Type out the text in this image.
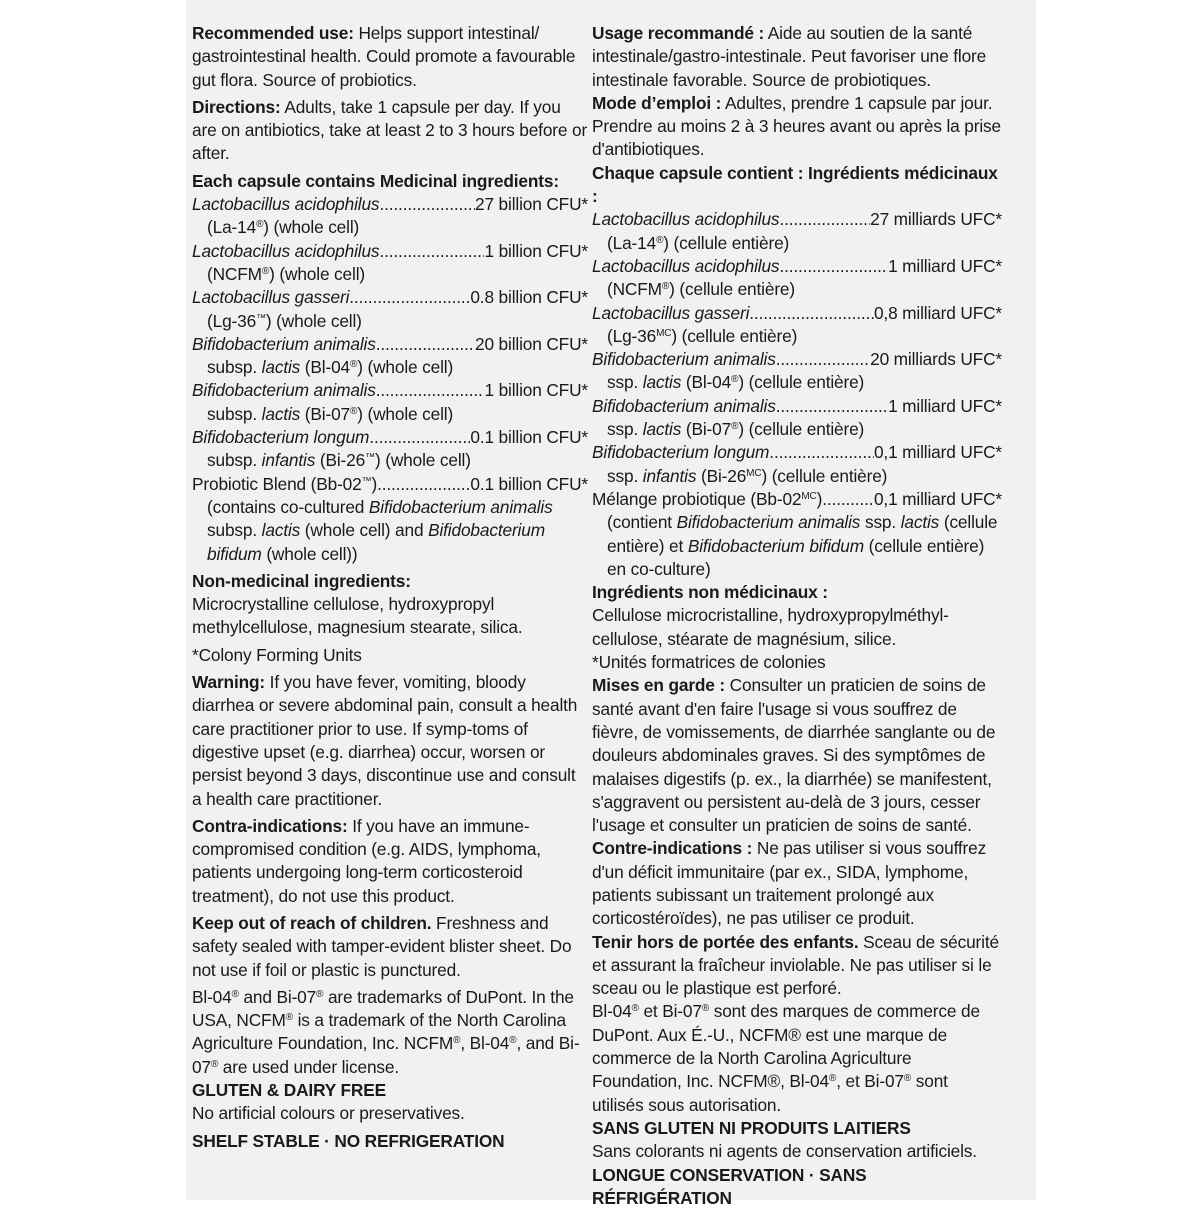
Recommended use: Helps support intestinal/ gastrointestinal health. Could promote a favourable gut flora. Source of probiotics.

Directions: Adults, take 1 capsule per day. If you are on antibiotics, take at least 2 to 3 hours before or after.

Each capsule contains Medicinal ingredients:

Lactobacillus acidophilus .....	27 billion CFU*
(La-14®) (whole cell)
Lactobacillus acidophilus .....	1 billion CFU*
(NCFM®) (whole cell)
Lactobacillus gasseri .....	0.8 billion CFU*
(Lg-36™) (whole cell)
Bifidobacterium animalis .....	20 billion CFU*
subsp. lactis (Bl-04®) (whole cell)
Bifidobacterium animalis .....	1 billion CFU*
subsp. lactis (Bi-07®) (whole cell)
Bifidobacterium longum .....	0.1 billion CFU*
subsp. infantis (Bi-26™) (whole cell)
Probiotic Blend (Bb-02™) .....	0.1 billion CFU*
(contains co-cultured Bifidobacterium animalis subsp. lactis (whole cell) and Bifidobacterium bifidum (whole cell))

Non-medicinal ingredients:

Microcrystalline cellulose, hydroxypropyl methylcellulose, magnesium stearate, silica.

*Colony Forming Units

Warning: If you have fever, vomiting, bloody diarrhea or severe abdominal pain, consult a health care practitioner prior to use. If symp-toms of digestive upset (e.g. diarrhea) occur, worsen or persist beyond 3 days, discontinue use and consult a health care practitioner.

Contra-indications: If you have an immune-compromised condition (e.g. AIDS, lymphoma, patients undergoing long-term corticosteroid treatment), do not use this product.

Keep out of reach of children. Freshness and safety sealed with tamper-evident blister sheet. Do not use if foil or plastic is punctured.

Bl-04® and Bi-07® are trademarks of DuPont. In the USA, NCFM® is a trademark of the North Carolina Agriculture Foundation, Inc. NCFM®, Bl-04®, and Bi-07® are used under license.

GLUTEN & DAIRY FREE

No artificial colours or preservatives.

SHELF STABLE · NO REFRIGERATION

Usage recommandé : Aide au soutien de la santé intestinale/gastro-intestinale. Peut favoriser une flore intestinale favorable. Source de probiotiques.

Mode d’emploi : Adultes, prendre 1 capsule par jour. Prendre au moins 2 à 3 heures avant ou après la prise d'antibiotiques.

Chaque capsule contient : Ingrédients médicinaux :

Lactobacillus acidophilus .....	27 milliards UFC*
(La-14®) (cellule entière)
Lactobacillus acidophilus .....	1 milliard UFC*
(NCFM®) (cellule entière)
Lactobacillus gasseri .....	0,8 milliard UFC*
$(Lg-36^{MC})$ (cellule entière)
Bifidobacterium animalis .....	20 milliards UFC*
ssp. lactis (Bl-04®) (cellule entière)
Bifidobacterium animalis .....	1 milliard UFC*
ssp. lactis (Bi-07®) (cellule entière)
Bifidobacterium longum .....	0,1 milliard UFC*
ssp. infantis $(Bi-26^{MC})$ (cellule entière)
Mélange probiotique $(Bb-02^{MC})$ .....	0,1 milliard UFC*
(contient Bifidobacterium animalis ssp. lactis (cellule entière) et Bifidobacterium bifidum (cellule entière) en co-culture)

Ingrédients non médicinaux :

Cellulose microcristalline, hydroxypropylméthyl-cellulose, stéarate de magnésium, silice.

*Unités formatrices de colonies

Mises en garde : Consulter un praticien de soins de santé avant d'en faire l'usage si vous souffrez de fièvre, de vomissements, de diarrhée sanglante ou de douleurs abdominales graves. Si des symptômes de malaises digestifs (p. ex., la diarrhée) se manifestent, s'aggravent ou persistent au-delà de 3 jours, cesser l'usage et consulter un praticien de soins de santé.

Contre-indications : Ne pas utiliser si vous souffrez d'un déficit immunitaire (par ex., SIDA, lymphome, patients subissant un traitement prolongé aux corticostéroïdes), ne pas utiliser ce produit.

Tenir hors de portée des enfants. Sceau de sécurité et assurant la fraîcheur inviolable. Ne pas utiliser si le sceau ou le plastique est perforé.

Bl-04® et Bi-07® sont des marques de commerce de DuPont. Aux É.-U., NCFM® est une marque de commerce de la North Carolina Agriculture Foundation, Inc. NCFM®, Bl-04®, et Bi-07® sont utilisés sous autorisation.

SANS GLUTEN NI PRODUITS LAITIERS

Sans colorants ni agents de conservation artificiels.

LONGUE CONSERVATION · SANS RÉFRIGÉRATION
